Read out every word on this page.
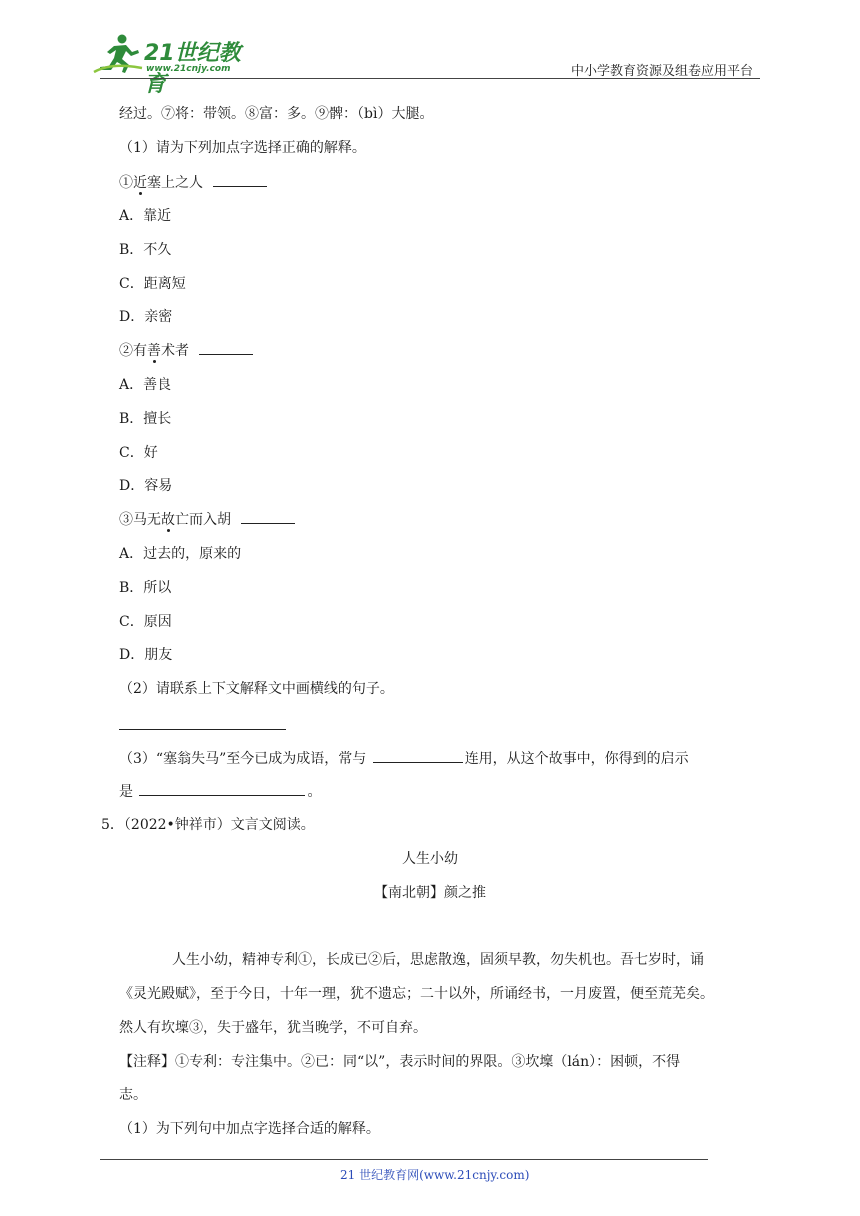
21世纪教育
www.21cnjy.com	中小学教育资源及组卷应用平台
经过。⑦将：带领。⑧富：多。⑨髀：（bì）大腿。
（1）请为下列加点字选择正确的解释。
①近塞上之人
A．靠近
B．不久
C．距离短
D．亲密
②有善术者
A．善良
B．擅长
C．好
D．容易
③马无故亡而入胡
A．过去的，原来的
B．所以
C．原因
D．朋友
（2）请联系上下文解释文中画横线的句子。
（3）“塞翁失马”至今已成为成语，常与	连用，从这个故事中，你得到的启示
是	。
5．（2022•钟祥市）文言文阅读。
人生小幼
【南北朝】颜之推
人生小幼，精神专利①，长成已②后，思虑散逸，固须早教，勿失机也。吾七岁时，诵
《灵光殿赋》，至于今日，十年一理，犹不遗忘；二十以外，所诵经书，一月废置，便至荒芜矣。
然人有坎壈③，失于盛年，犹当晚学，不可自弃。
【注释】①专利：专注集中。②已：同“以”，表示时间的界限。③坎壈（lán）：困顿，不得
志。
（1）为下列句中加点字选择合适的解释。
21 世纪教育网(www.21cnjy.com)
